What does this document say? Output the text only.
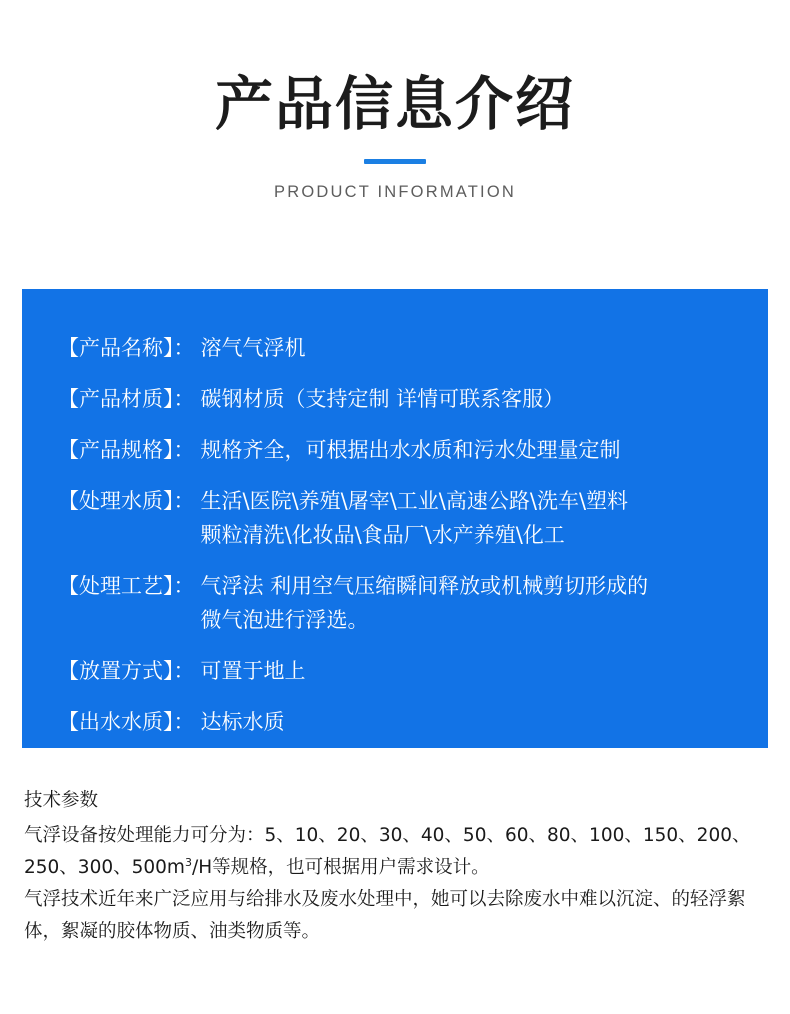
产品信息介绍
PRODUCT INFORMATION
【产品名称】： 溶气气浮机
【产品材质】： 碳钢材质（支持定制 详情可联系客服）
【产品规格】： 规格齐全，可根据出水水质和污水处理量定制
【处理水质】： 生活\医院\养殖\屠宰\工业\高速公路\洗车\塑料
颗粒清洗\化妆品\食品厂\水产养殖\化工
【处理工艺】： 气浮法 利用空气压缩瞬间释放或机械剪切形成的
微气泡进行浮选。
【放置方式】： 可置于地上
【出水水质】： 达标水质
技术参数
气浮设备按处理能力可分为：5、10、20、30、40、50、60、80、100、150、200、250、300、$500m^3/H$等规格，也可根据用户需求设计。
气浮技术近年来广泛应用与给排水及废水处理中，她可以去除废水中难以沉淀、的轻浮絮体，絮凝的胶体物质、油类物质等。
